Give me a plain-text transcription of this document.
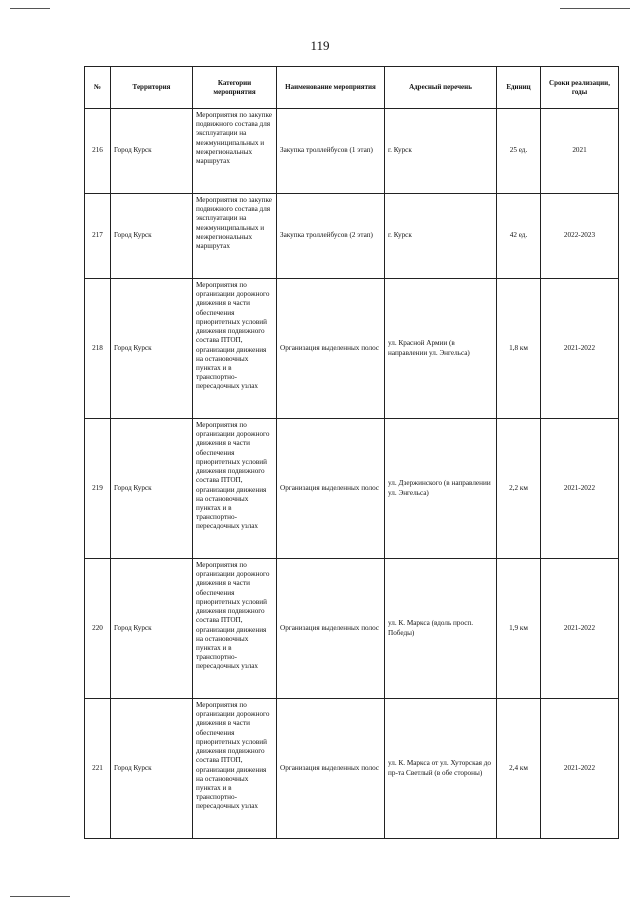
119
№	Территория	Категории мероприятия	Наименование мероприятия	Адресный перечень	Единиц	Сроки реализации, годы
216	Город Курск	Мероприятия по закупке подвижного состава для эксплуатации на межмуниципальных и межрегиональных маршрутах	Закупка троллейбусов (1 этап)	г. Курск	25 ед.	2021
217	Город Курск	Мероприятия по закупке подвижного состава для эксплуатации на межмуниципальных и межрегиональных маршрутах	Закупка троллейбусов (2 этап)	г. Курск	42 ед.	2022-2023
218	Город Курск	Мероприятия по организации дорожного движения в части обеспечения приоритетных условий движения подвижного состава ПТОП, организации движения на остановочных пунктах и в транспортно-пересадочных узлах	Организация выделенных полос	ул. Красной Армии (в направлении ул. Энгельса)	1,8 км	2021-2022
219	Город Курск	Мероприятия по организации дорожного движения в части обеспечения приоритетных условий движения подвижного состава ПТОП, организации движения на остановочных пунктах и в транспортно-пересадочных узлах	Организация выделенных полос	ул. Дзержинского (в направлении ул. Энгельса)	2,2 км	2021-2022
220	Город Курск	Мероприятия по организации дорожного движения в части обеспечения приоритетных условий движения подвижного состава ПТОП, организации движения на остановочных пунктах и в транспортно-пересадочных узлах	Организация выделенных полос	ул. К. Маркса (вдоль просп. Победы)	1,9 км	2021-2022
221	Город Курск	Мероприятия по организации дорожного движения в части обеспечения приоритетных условий движения подвижного состава ПТОП, организации движения на остановочных пунктах и в транспортно-пересадочных узлах	Организация выделенных полос	ул. К. Маркса от ул. Хуторская до пр-та Светлый (в обе стороны)	2,4 км	2021-2022
